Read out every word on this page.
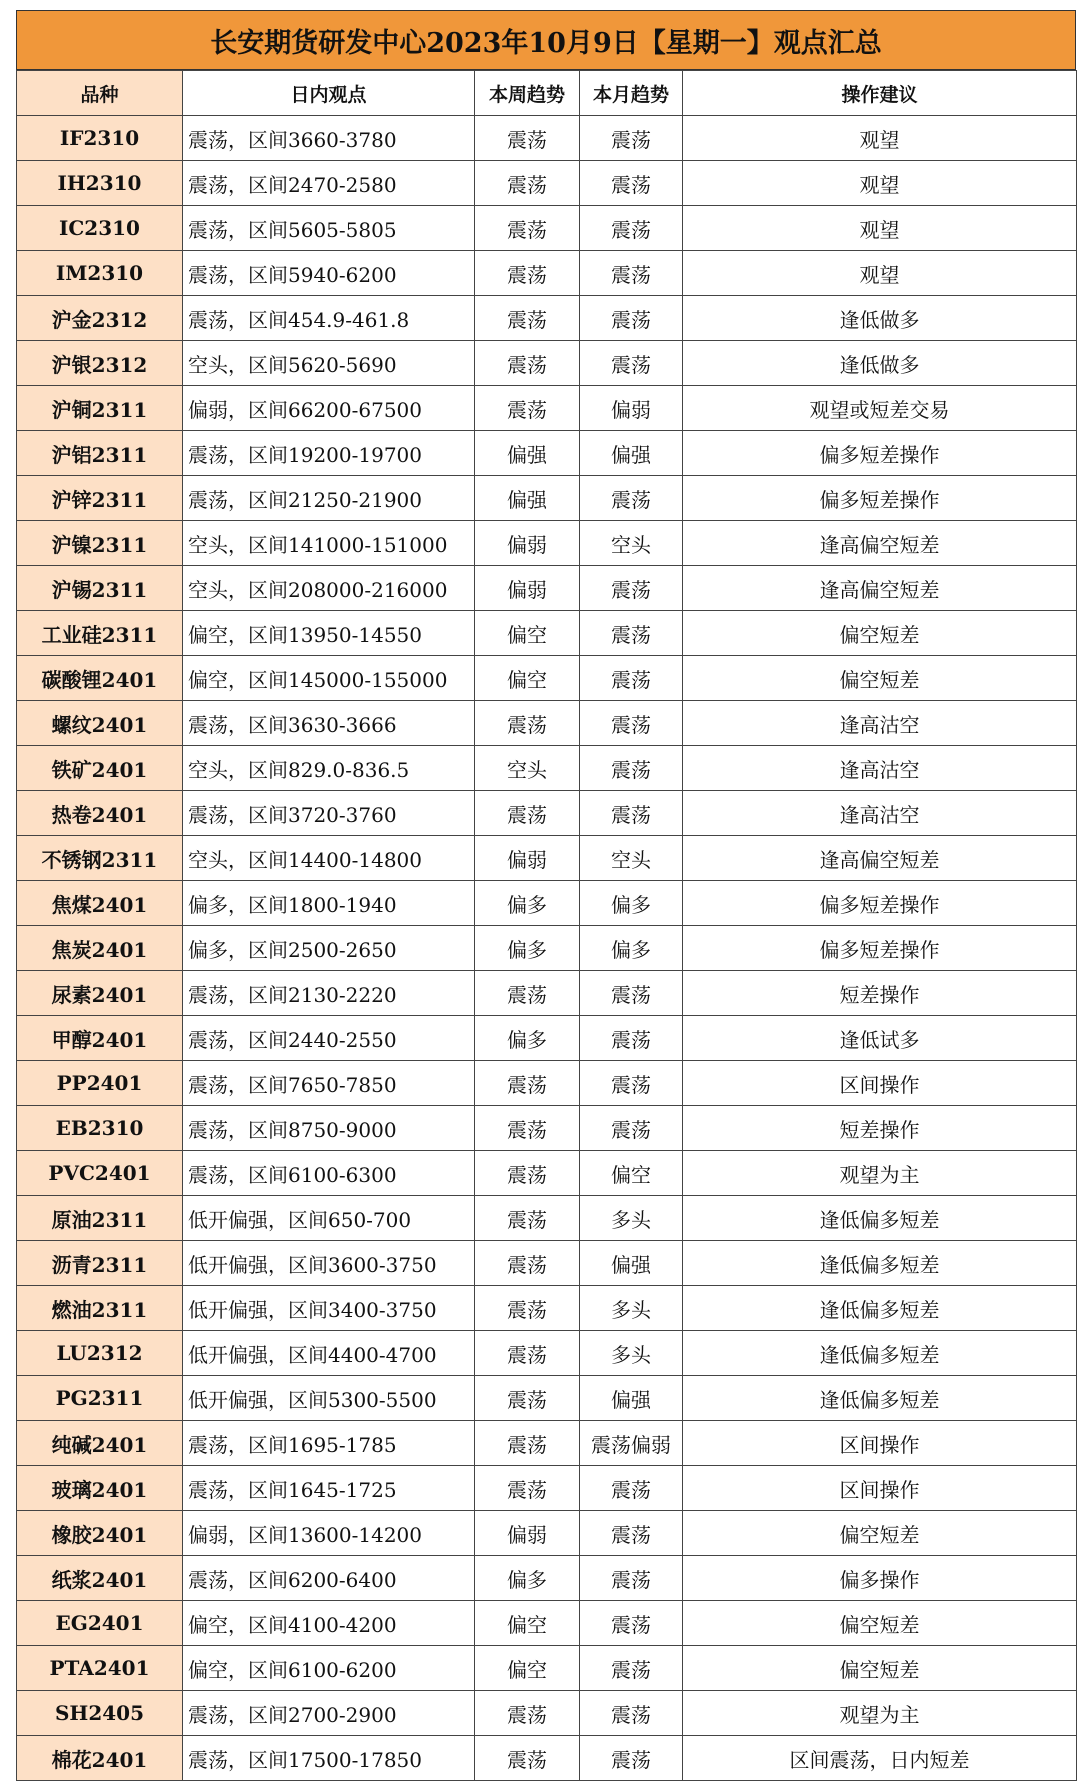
长安期货研发中心2023年10月9日【星期一】观点汇总
品种	日内观点	本周趋势	本月趋势	操作建议
IF2310	震荡，区间3660-3780	震荡	震荡	观望
IH2310	震荡，区间2470-2580	震荡	震荡	观望
IC2310	震荡，区间5605-5805	震荡	震荡	观望
IM2310	震荡，区间5940-6200	震荡	震荡	观望
沪金2312	震荡，区间454.9-461.8	震荡	震荡	逢低做多
沪银2312	空头，区间5620-5690	震荡	震荡	逢低做多
沪铜2311	偏弱，区间66200-67500	震荡	偏弱	观望或短差交易
沪铝2311	震荡，区间19200-19700	偏强	偏强	偏多短差操作
沪锌2311	震荡，区间21250-21900	偏强	震荡	偏多短差操作
沪镍2311	空头，区间141000-151000	偏弱	空头	逢高偏空短差
沪锡2311	空头，区间208000-216000	偏弱	震荡	逢高偏空短差
工业硅2311	偏空，区间13950-14550	偏空	震荡	偏空短差
碳酸锂2401	偏空，区间145000-155000	偏空	震荡	偏空短差
螺纹2401	震荡，区间3630-3666	震荡	震荡	逢高沽空
铁矿2401	空头，区间829.0-836.5	空头	震荡	逢高沽空
热卷2401	震荡，区间3720-3760	震荡	震荡	逢高沽空
不锈钢2311	空头，区间14400-14800	偏弱	空头	逢高偏空短差
焦煤2401	偏多，区间1800-1940	偏多	偏多	偏多短差操作
焦炭2401	偏多，区间2500-2650	偏多	偏多	偏多短差操作
尿素2401	震荡，区间2130-2220	震荡	震荡	短差操作
甲醇2401	震荡，区间2440-2550	偏多	震荡	逢低试多
PP2401	震荡，区间7650-7850	震荡	震荡	区间操作
EB2310	震荡，区间8750-9000	震荡	震荡	短差操作
PVC2401	震荡，区间6100-6300	震荡	偏空	观望为主
原油2311	低开偏强，区间650-700	震荡	多头	逢低偏多短差
沥青2311	低开偏强，区间3600-3750	震荡	偏强	逢低偏多短差
燃油2311	低开偏强，区间3400-3750	震荡	多头	逢低偏多短差
LU2312	低开偏强，区间4400-4700	震荡	多头	逢低偏多短差
PG2311	低开偏强，区间5300-5500	震荡	偏强	逢低偏多短差
纯碱2401	震荡，区间1695-1785	震荡	震荡偏弱	区间操作
玻璃2401	震荡，区间1645-1725	震荡	震荡	区间操作
橡胶2401	偏弱，区间13600-14200	偏弱	震荡	偏空短差
纸浆2401	震荡，区间6200-6400	偏多	震荡	偏多操作
EG2401	偏空，区间4100-4200	偏空	震荡	偏空短差
PTA2401	偏空，区间6100-6200	偏空	震荡	偏空短差
SH2405	震荡，区间2700-2900	震荡	震荡	观望为主
棉花2401	震荡，区间17500-17850	震荡	震荡	区间震荡，日内短差
